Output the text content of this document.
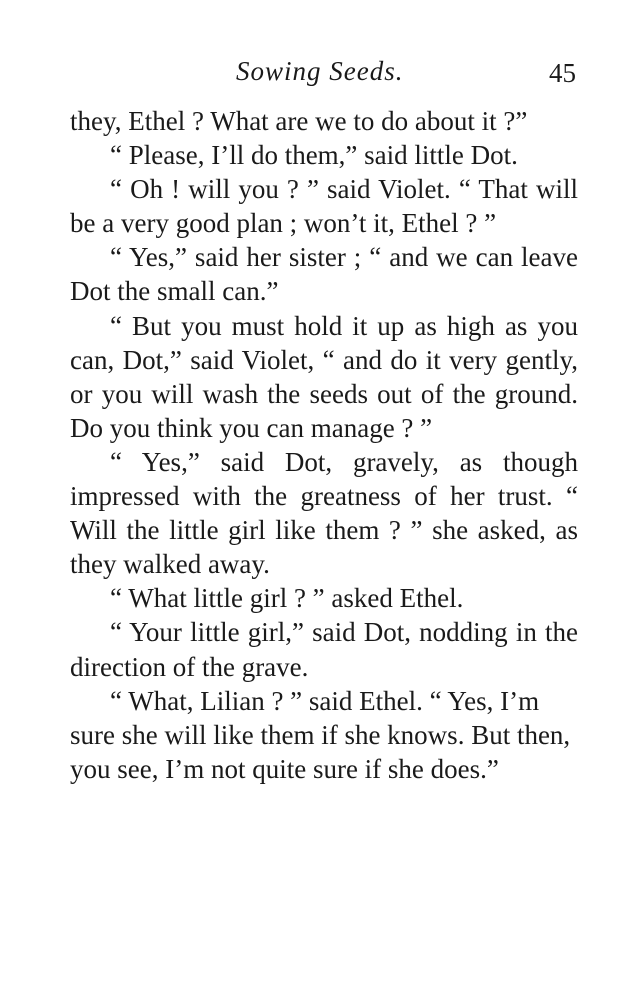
Sowing Seeds.	45

they, Ethel ? What are we to do about it ?”

“ Please, I’ll do them,” said little Dot.

“ Oh ! will you ? ” said Violet. “ That will be a very good plan ; won’t it, Ethel ? ”

“ Yes,” said her sister ; “ and we can leave Dot the small can.”

“ But you must hold it up as high as you can, Dot,” said Violet, “ and do it very gently, or you will wash the seeds out of the ground. Do you think you can manage ? ”

“ Yes,” said Dot, gravely, as though impressed with the greatness of her trust. “ Will the little girl like them ? ” she asked, as they walked away.

“ What little girl ? ” asked Ethel.

“ Your little girl,” said Dot, nodding in the direction of the grave.

“ What, Lilian ? ” said Ethel. “ Yes, I’m sure she will like them if she knows. But then, you see, I’m not quite sure if she does.”
